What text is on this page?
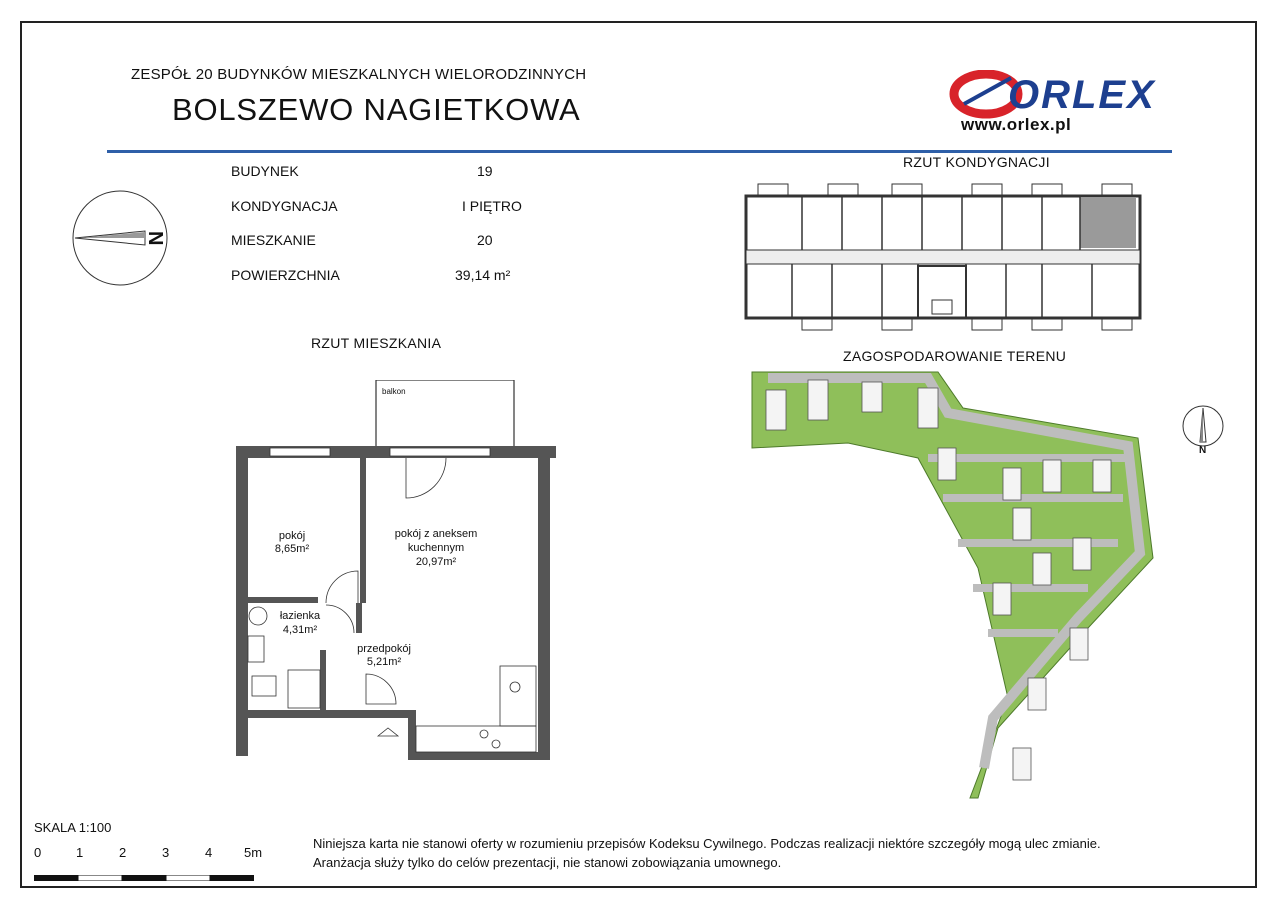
ZESPÓŁ 20 BUDYNKÓW MIESZKALNYCH WIELORODZINNYCH
BOLSZEWO NAGIETKOWA	ORLEX
www.orlex.pl
N
BUDYNEK	19
KONDYGNACJA	I PIĘTRO
MIESZKANIE	20
POWIERZCHNIA	39,14 m²
RZUT MIESZKANIA
RZUT KONDYGNACJI
ZAGOSPODAROWANIE TERENU
balkon
pokój
8,65m²
pokój z aneksem
kuchennym
20,97m²
łazienka
4,31m²
przedpokój
5,21m²
N
SKALA 1:100
0	1	2	3	4 5m
Niniejsza karta nie stanowi oferty w rozumieniu przepisów Kodeksu Cywilnego. Podczas realizacji niektóre szczegóły mogą ulec zmianie.
Aranżacja służy tylko do celów prezentacji, nie stanowi zobowiązania umownego.
